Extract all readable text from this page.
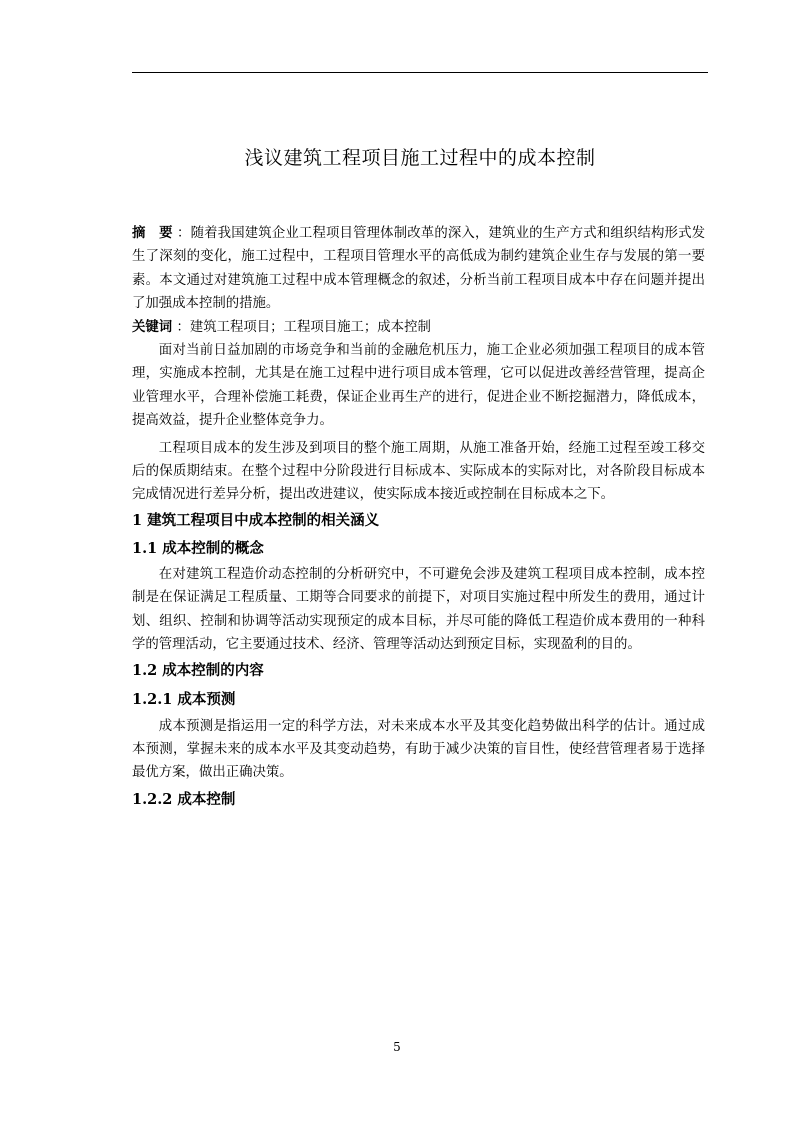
浅议建筑工程项目施工过程中的成本控制

摘　要 ：随着我国建筑企业工程项目管理体制改革的深入，建筑业的生产方式和组织结构形式发生了深刻的变化，施工过程中，工程项目管理水平的高低成为制约建筑企业生存与发展的第一要素。本文通过对建筑施工过程中成本管理概念的叙述，分析当前工程项目成本中存在问题并提出了加强成本控制的措施。

关键词 ：建筑工程项目；工程项目施工；成本控制

面对当前日益加剧的市场竞争和当前的金融危机压力，施工企业必须加强工程项目的成本管理，实施成本控制，尤其是在施工过程中进行项目成本管理，它可以促进改善经营管理，提高企业管理水平，合理补偿施工耗费，保证企业再生产的进行，促进企业不断挖掘潜力，降低成本，提高效益，提升企业整体竞争力。

工程项目成本的发生涉及到项目的整个施工周期，从施工准备开始，经施工过程至竣工移交后的保质期结束。在整个过程中分阶段进行目标成本、实际成本的实际对比，对各阶段目标成本完成情况进行差异分析，提出改进建议，使实际成本接近或控制在目标成本之下。

1 建筑工程项目中成本控制的相关涵义

1.1 成本控制的概念

在对建筑工程造价动态控制的分析研究中，不可避免会涉及建筑工程项目成本控制，成本控制是在保证满足工程质量、工期等合同要求的前提下，对项目实施过程中所发生的费用，通过计划、组织、控制和协调等活动实现预定的成本目标，并尽可能的降低工程造价成本费用的一种科学的管理活动，它主要通过技术、经济、管理等活动达到预定目标，实现盈利的目的。

1.2 成本控制的内容

1.2.1 成本预测

成本预测是指运用一定的科学方法，对未来成本水平及其变化趋势做出科学的估计。通过成本预测，掌握未来的成本水平及其变动趋势，有助于减少决策的盲目性，使经营管理者易于选择最优方案，做出正确决策。

1.2.2 成本控制

5
